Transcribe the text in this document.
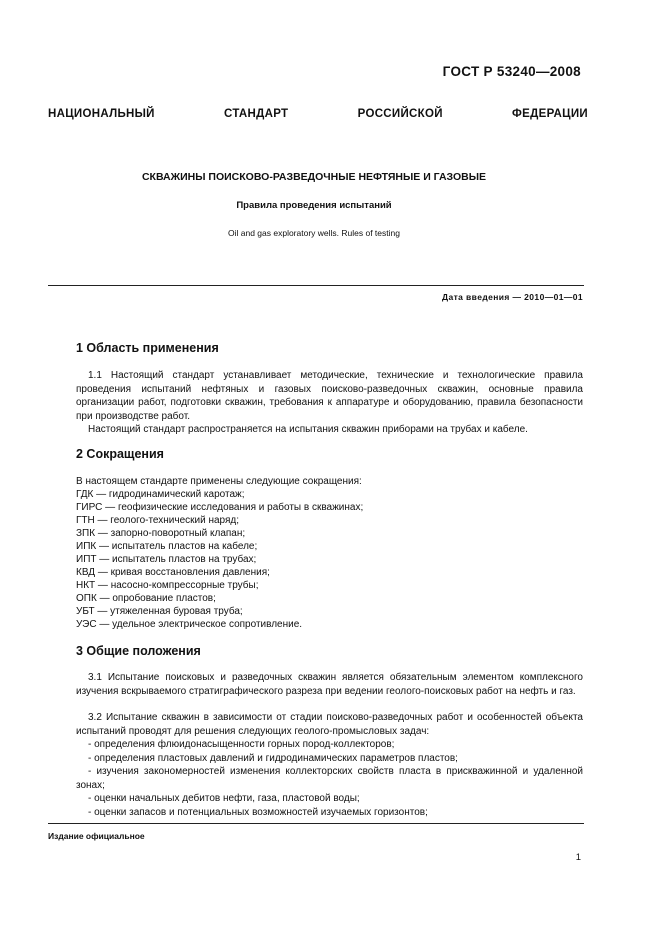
ГОСТ Р 53240—2008
НАЦИОНАЛЬНЫЙ	СТАНДАРТ	РОССИЙСКОЙ	ФЕДЕРАЦИИ
СКВАЖИНЫ ПОИСКОВО-РАЗВЕДОЧНЫЕ НЕФТЯНЫЕ И ГАЗОВЫЕ
Правила проведения испытаний
Oil and gas exploratory wells. Rules of testing
Дата введения — 2010—01—01
1 Область применения
1.1 Настоящий стандарт устанавливает методические, технические и технологические правила проведения испытаний нефтяных и газовых поисково-разведочных скважин, основные правила организации работ, подготовки скважин, требования к аппаратуре и оборудованию, правила безопасности при производстве работ.
Настоящий стандарт распространяется на испытания скважин приборами на трубах и кабеле.
2 Сокращения
В настоящем стандарте применены следующие сокращения:
ГДК — гидродинамический каротаж;
ГИРС — геофизические исследования и работы в скважинах;
ГТН — геолого-технический наряд;
ЗПК — запорно-поворотный клапан;
ИПК — испытатель пластов на кабеле;
ИПТ — испытатель пластов на трубах;
КВД — кривая восстановления давления;
НКТ — насосно-компрессорные трубы;
ОПК — опробование пластов;
УБТ — утяжеленная буровая труба;
УЭС — удельное электрическое сопротивление.
3 Общие положения
3.1 Испытание поисковых и разведочных скважин является обязательным элементом комплексного изучения вскрываемого стратиграфического разреза при ведении геолого-поисковых работ на нефть и газ.
3.2 Испытание скважин в зависимости от стадии поисково-разведочных работ и особенностей объекта испытаний проводят для решения следующих геолого-промысловых задач:
- определения флюидонасыщенности горных пород-коллекторов;
- определения пластовых давлений и гидродинамических параметров пластов;
- изучения закономерностей изменения коллекторских свойств пласта в прискважинной и удаленной зонах;
- оценки начальных дебитов нефти, газа, пластовой воды;
- оценки запасов и потенциальных возможностей изучаемых горизонтов;
Издание официальное
1
